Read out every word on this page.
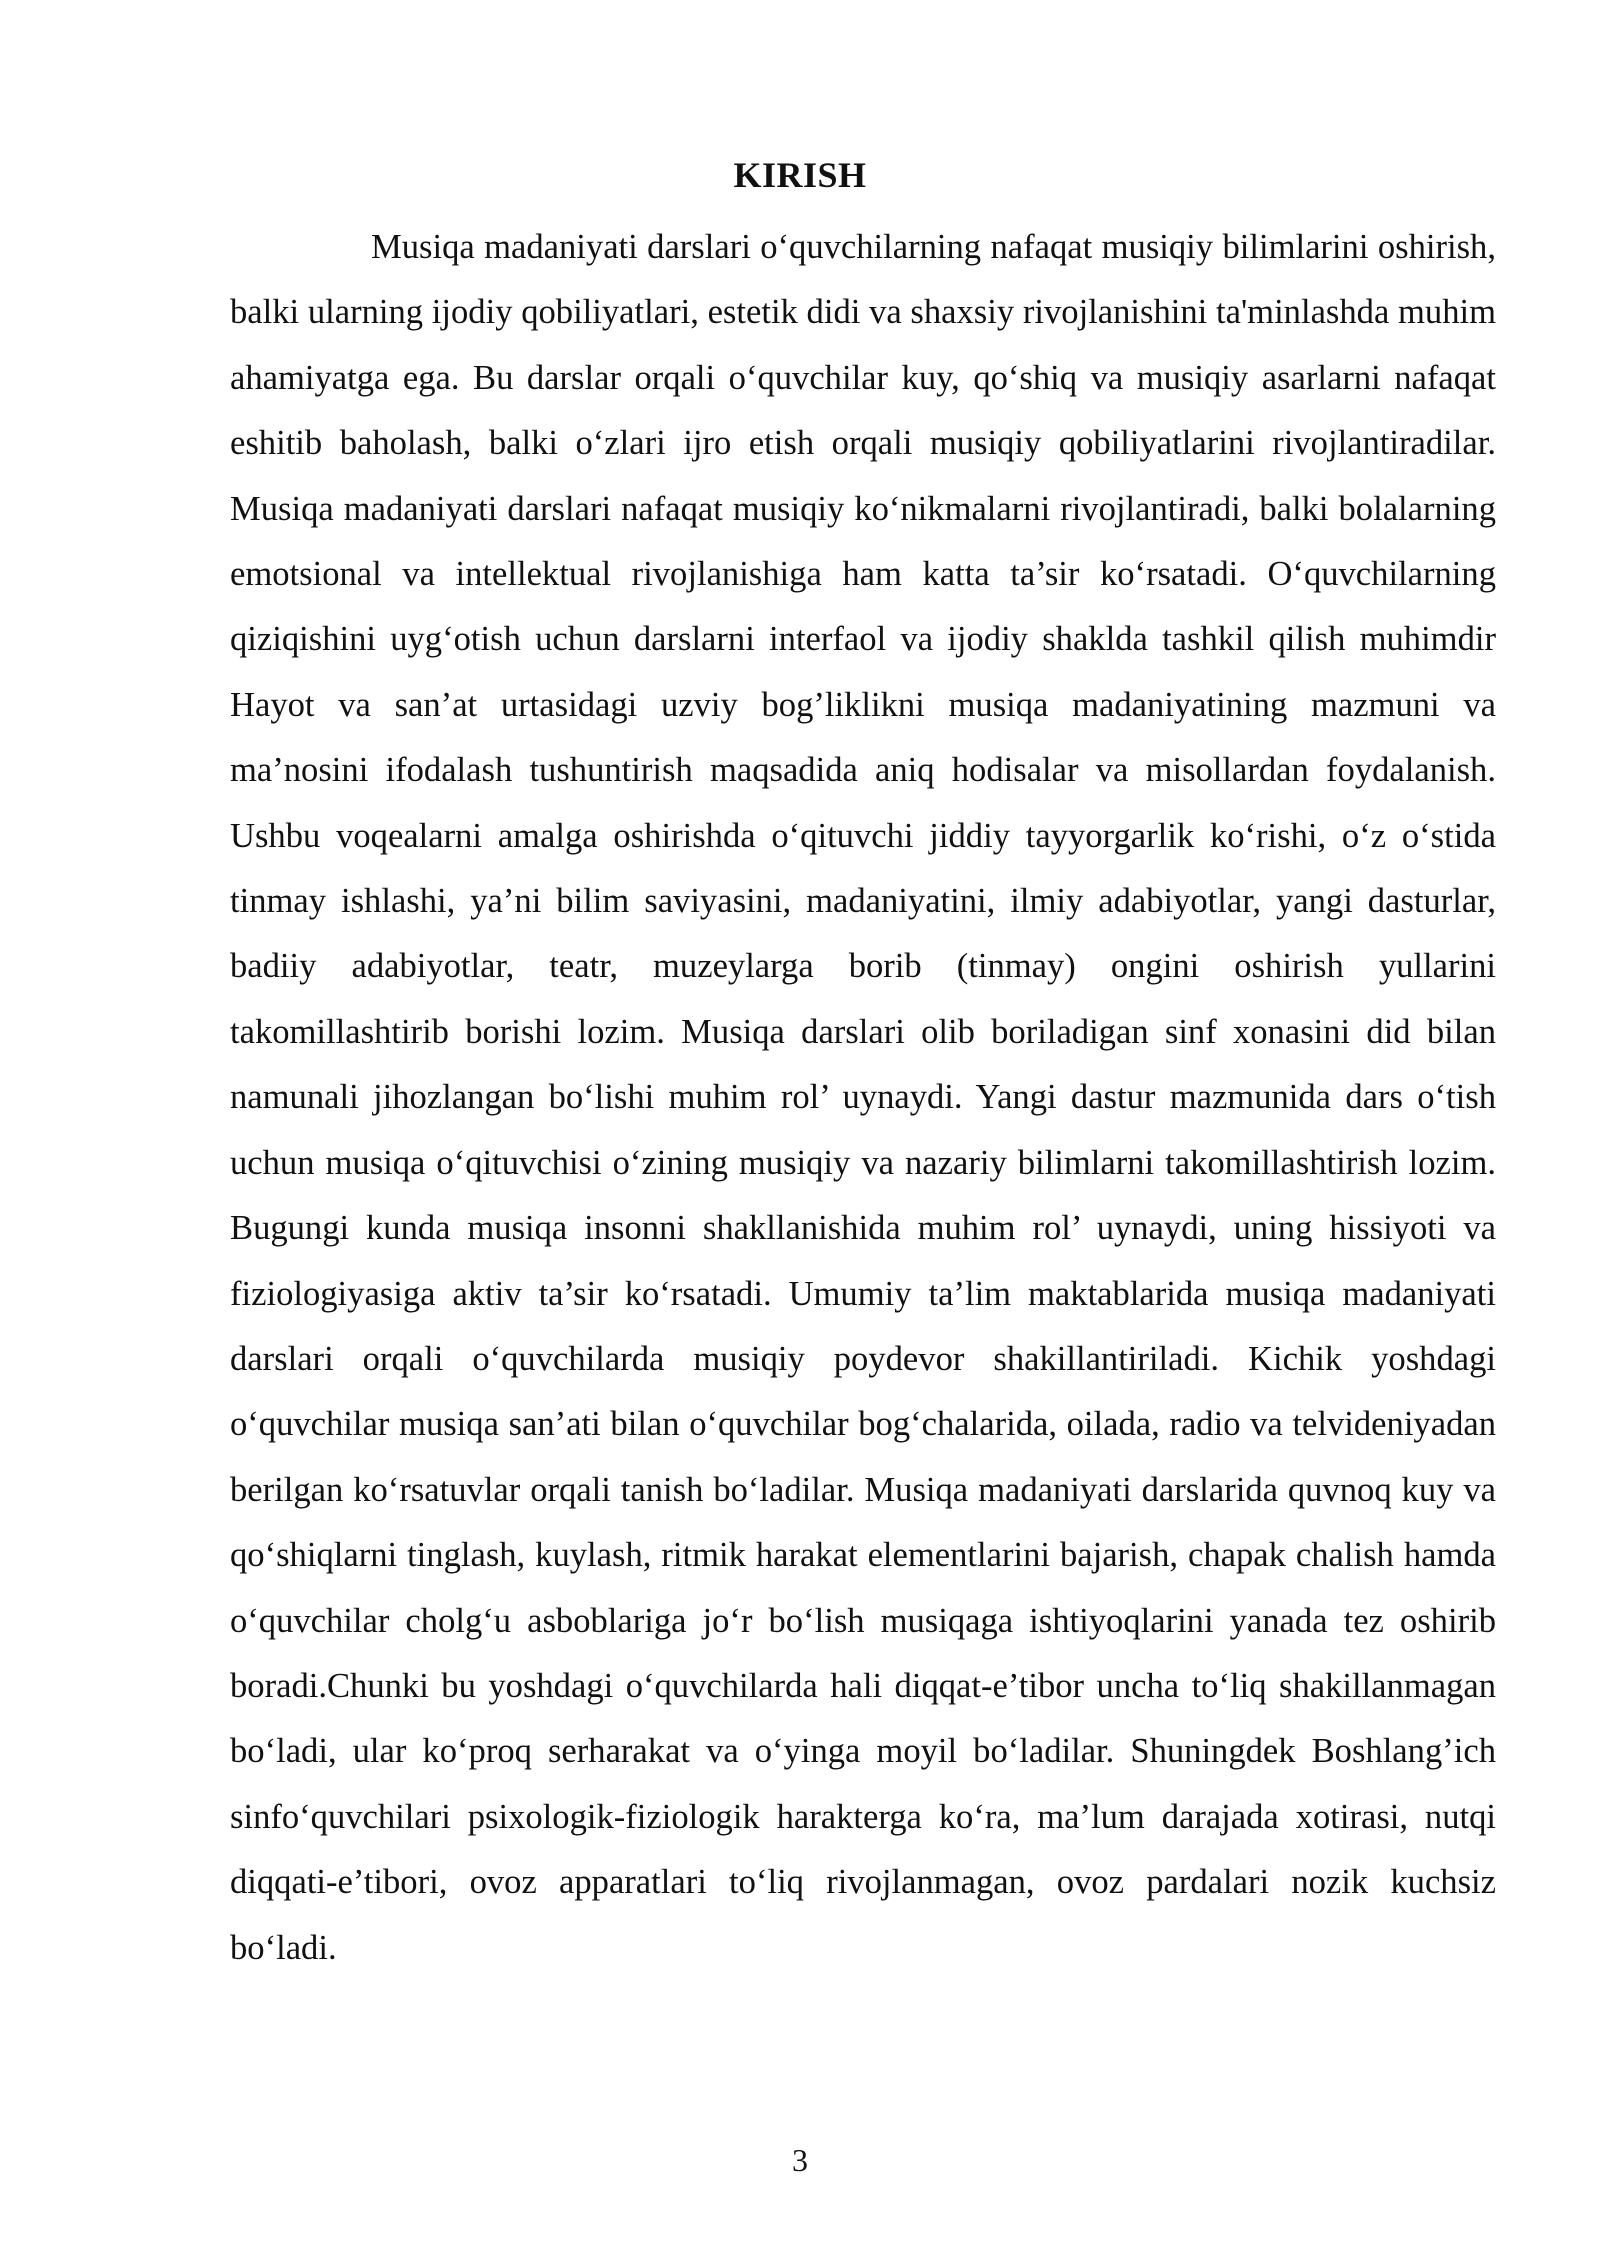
KIRISH

Musiqa madaniyati darslari o‘quvchilarning nafaqat musiqiy bilimlarini oshirish, balki ularning ijodiy qobiliyatlari, estetik didi va shaxsiy rivojlanishini ta'minlashda muhim ahamiyatga ega. Bu darslar orqali o‘quvchilar kuy, qo‘shiq va musiqiy asarlarni nafaqat eshitib baholash, balki o‘zlari ijro etish orqali musiqiy qobiliyatlarini rivojlantiradilar. Musiqa madaniyati darslari nafaqat musiqiy ko‘nikmalarni rivojlantiradi, balki bolalarning emotsional va intellektual rivojlanishiga ham katta ta’sir ko‘rsatadi. O‘quvchilarning qiziqishini uyg‘otish uchun darslarni interfaol va ijodiy shaklda tashkil qilish muhimdir Hayot va san’at urtasidagi uzviy bog’liklikni musiqa madaniyatining mazmuni va ma’nosini ifodalash tushuntirish maqsadida aniq hodisalar va misollardan foydalanish. Ushbu voqealarni amalga oshirishda o‘qituvchi jiddiy tayyorgarlik ko‘rishi, o‘z o‘stida tinmay ishlashi, ya’ni bilim saviyasini, madaniyatini, ilmiy adabiyotlar, yangi dasturlar, badiiy adabiyotlar, teatr, muzeylarga borib (tinmay) ongini oshirish yullarini takomillashtirib borishi lozim. Musiqa darslari olib boriladigan sinf xonasini did bilan namunali jihozlangan bo‘lishi muhim rol’ uynaydi. Yangi dastur mazmunida dars o‘tish uchun musiqa o‘qituvchisi o‘zining musiqiy va nazariy bilimlarni takomillashtirish lozim. Bugungi kunda musiqa insonni shakllanishida muhim rol’ uynaydi, uning hissiyoti va fiziologiyasiga aktiv ta’sir ko‘rsatadi. Umumiy ta’lim maktablarida musiqa madaniyati darslari orqali o‘quvchilarda musiqiy poydevor shakillantiriladi. Kichik yoshdagi o‘quvchilar musiqa san’ati bilan o‘quvchilar bog‘chalarida, oilada, radio va telvideniyadan berilgan ko‘rsatuvlar orqali tanish bo‘ladilar. Musiqa madaniyati darslarida quvnoq kuy va qo‘shiqlarni tinglash, kuylash, ritmik harakat elementlarini bajarish, chapak chalish hamda o‘quvchilar cholg‘u asboblariga jo‘r bo‘lish musiqaga ishtiyoqlarini yanada tez oshirib boradi.Chunki bu yoshdagi o‘quvchilarda hali diqqat-e’tibor uncha to‘liq shakillanmagan bo‘ladi, ular ko‘proq serharakat va o‘yinga moyil bo‘ladilar. Shuningdek Boshlang’ich sinfo‘quvchilari psixologik-fiziologik harakterga ko‘ra, ma’lum darajada xotirasi, nutqi diqqati-e’tibori, ovoz apparatlari to‘liq rivojlanmagan, ovoz pardalari nozik kuchsiz bo‘ladi.

3
